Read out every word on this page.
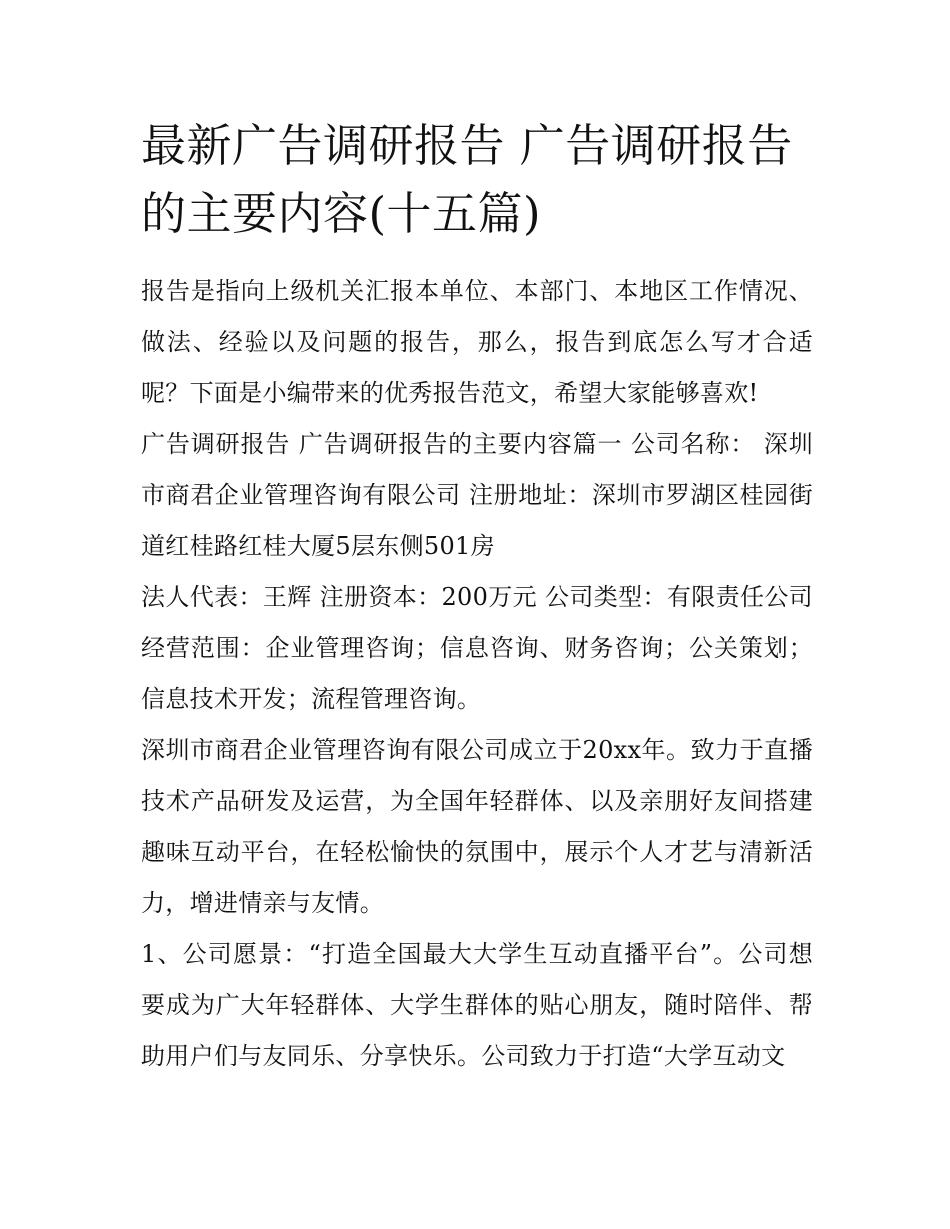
最新广告调研报告 广告调研报告的主要内容(十五篇)

报告是指向上级机关汇报本单位、本部门、本地区工作情况、做法、经验以及问题的报告，那么，报告到底怎么写才合适呢？下面是小编带来的优秀报告范文，希望大家能够喜欢!

广告调研报告 广告调研报告的主要内容篇一 公司名称： 深圳市商君企业管理咨询有限公司 注册地址：深圳市罗湖区桂园街道红桂路红桂大厦5层东侧501房

法人代表：王辉 注册资本：200万元 公司类型：有限责任公司 经营范围：企业管理咨询；信息咨询、财务咨询；公关策划；信息技术开发；流程管理咨询。

深圳市商君企业管理咨询有限公司成立于20xx年。致力于直播技术产品研发及运营，为全国年轻群体、以及亲朋好友间搭建趣味互动平台，在轻松愉快的氛围中，展示个人才艺与清新活力，增进情亲与友情。

1、公司愿景：“打造全国最大大学生互动直播平台”。公司想要成为广大年轻群体、大学生群体的贴心朋友，随时陪伴、帮助用户们与友同乐、分享快乐。公司致力于打造“大学互动文
